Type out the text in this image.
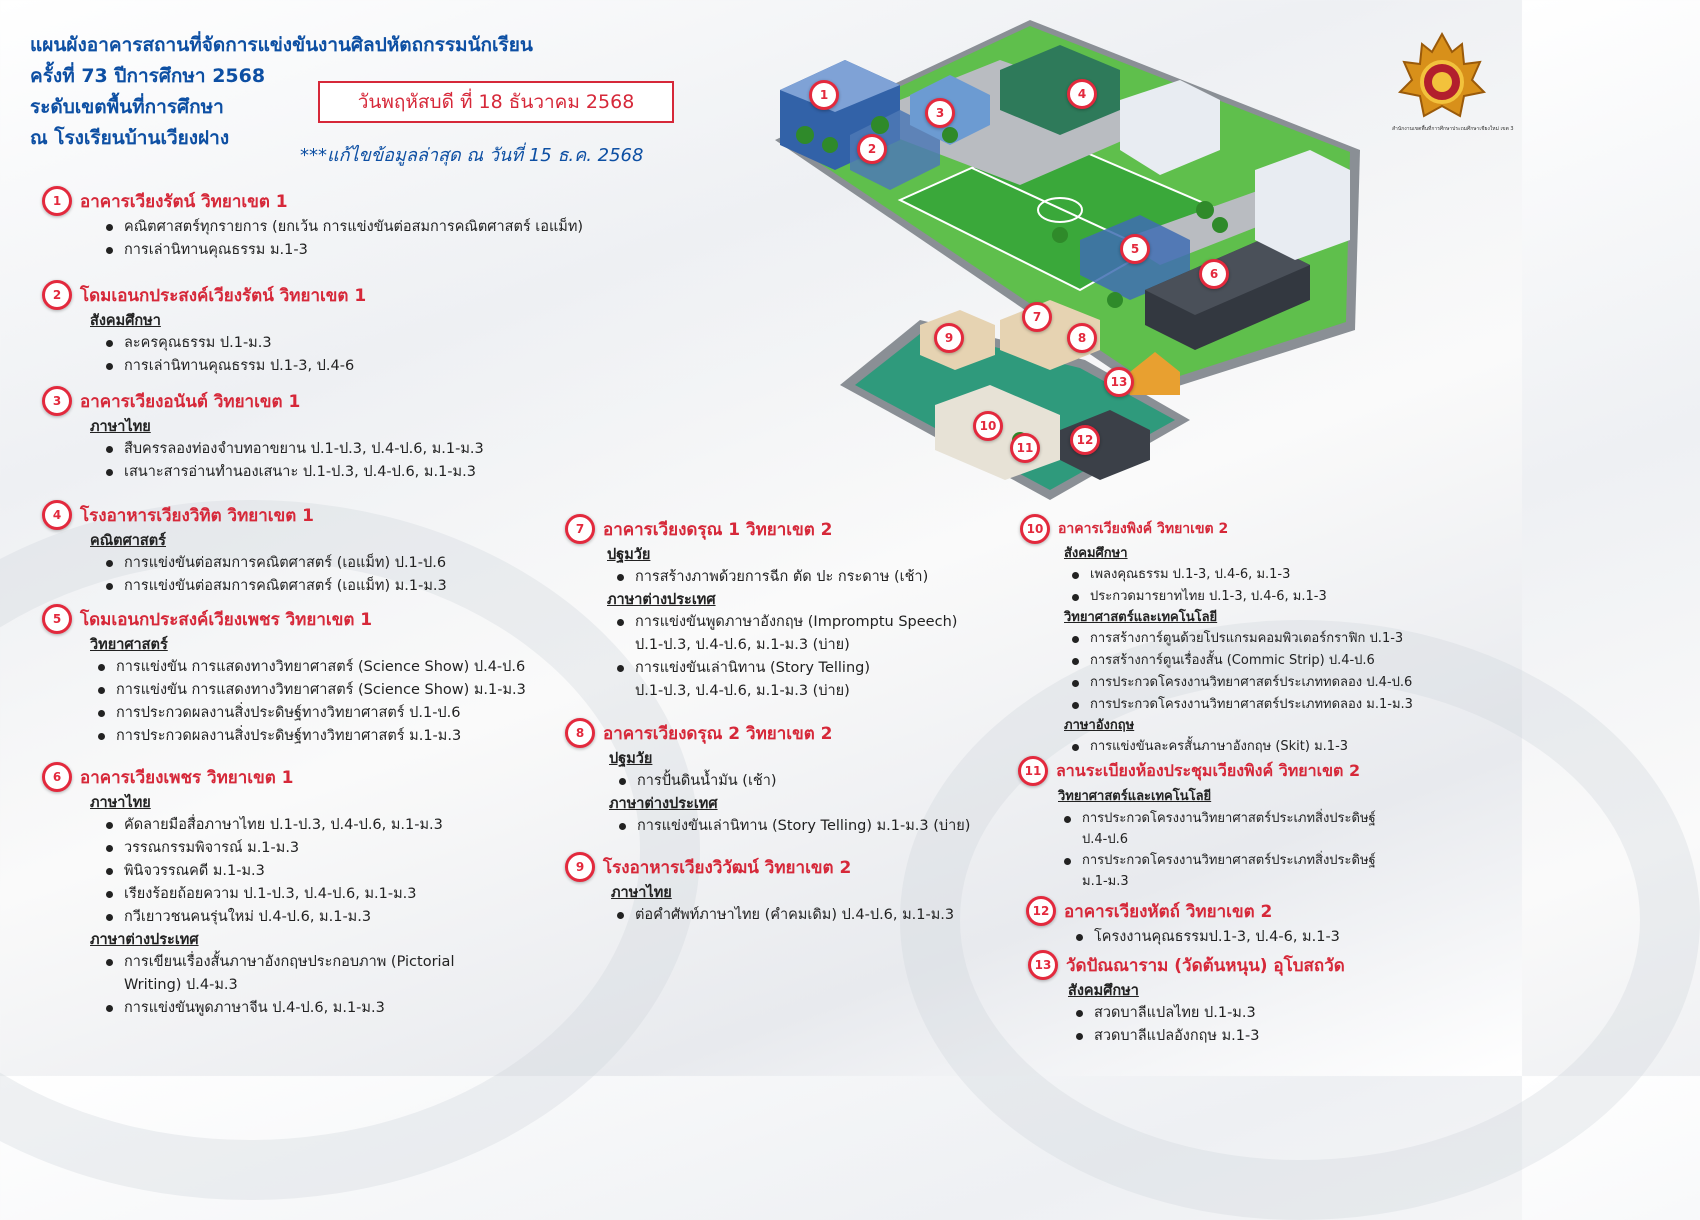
แผนผังอาคารสถานที่จัดการแข่งขันงานศิลปหัตถกรรมนักเรียน
ครั้งที่ 73 ปีการศึกษา 2568
ระดับเขตพื้นที่การศึกษา
ณ โรงเรียนบ้านเวียงฝาง
วันพฤหัสบดี ที่ 18 ธันวาคม 2568
***แก้ไขข้อมูลล่าสุด ณ วันที่ 15 ธ.ค. 2568
สำนักงานเขตพื้นที่การศึกษาประถมศึกษาเชียงใหม่ เขต 3
1
2
3
4
5
6
7
8
9
10
11
12
13
1	อาคารเวียงรัตน์ วิทยาเขต 1
คณิตศาสตร์ทุกรายการ (ยกเว้น การแข่งขันต่อสมการคณิตศาสตร์ เอแม็ท)
การเล่านิทานคุณธรรม ม.1-3
2	โดมเอนกประสงค์เวียงรัตน์ วิทยาเขต 1
สังคมศึกษา
ละครคุณธรรม ป.1-ม.3
การเล่านิทานคุณธรรม ป.1-3, ป.4-6
3	อาคารเวียงอนันต์ วิทยาเขต 1
ภาษาไทย
สืบครรลองท่องจำบทอาขยาน ป.1-ป.3, ป.4-ป.6, ม.1-ม.3
เสนาะสารอ่านทำนองเสนาะ ป.1-ป.3, ป.4-ป.6, ม.1-ม.3
4	โรงอาหารเวียงวิทิต วิทยาเขต 1
คณิตศาสตร์
การแข่งขันต่อสมการคณิตศาสตร์ (เอแม็ท) ป.1-ป.6
การแข่งขันต่อสมการคณิตศาสตร์ (เอแม็ท) ม.1-ม.3
5	โดมเอนกประสงค์เวียงเพชร วิทยาเขต 1
วิทยาศาสตร์
การแข่งขัน การแสดงทางวิทยาศาสตร์ (Science Show) ป.4-ป.6
การแข่งขัน การแสดงทางวิทยาศาสตร์ (Science Show) ม.1-ม.3
การประกวดผลงานสิ่งประดิษฐ์ทางวิทยาศาสตร์ ป.1-ป.6
การประกวดผลงานสิ่งประดิษฐ์ทางวิทยาศาสตร์ ม.1-ม.3
6	อาคารเวียงเพชร วิทยาเขต 1
ภาษาไทย
คัดลายมือสื่อภาษาไทย ป.1-ป.3, ป.4-ป.6, ม.1-ม.3
วรรณกรรมพิจารณ์ ม.1-ม.3
พินิจวรรณคดี ม.1-ม.3
เรียงร้อยถ้อยความ ป.1-ป.3, ป.4-ป.6, ม.1-ม.3
กวีเยาวชนคนรุ่นใหม่ ป.4-ป.6, ม.1-ม.3
ภาษาต่างประเทศ
การเขียนเรื่องสั้นภาษาอังกฤษประกอบภาพ (Pictorial
Writing) ป.4-ม.3
การแข่งขันพูดภาษาจีน ป.4-ป.6, ม.1-ม.3
7	อาคารเวียงดรุณ 1 วิทยาเขต 2
ปฐมวัย
การสร้างภาพด้วยการฉีก ตัด ปะ กระดาษ (เช้า)
ภาษาต่างประเทศ
การแข่งขันพูดภาษาอังกฤษ (Impromptu Speech)
ป.1-ป.3, ป.4-ป.6, ม.1-ม.3 (บ่าย)
การแข่งขันเล่านิทาน (Story Telling)
ป.1-ป.3, ป.4-ป.6, ม.1-ม.3 (บ่าย)
8	อาคารเวียงดรุณ 2 วิทยาเขต 2
ปฐมวัย
การปั้นดินน้ำมัน (เช้า)
ภาษาต่างประเทศ
การแข่งขันเล่านิทาน (Story Telling) ม.1-ม.3 (บ่าย)
9	โรงอาหารเวียงวิวัฒน์ วิทยาเขต 2
ภาษาไทย
ต่อคำศัพท์ภาษาไทย (คำคมเดิม) ป.4-ป.6, ม.1-ม.3
10	อาคารเวียงพิงค์ วิทยาเขต 2
สังคมศึกษา
เพลงคุณธรรม ป.1-3, ป.4-6, ม.1-3
ประกวดมารยาทไทย ป.1-3, ป.4-6, ม.1-3
วิทยาศาสตร์และเทคโนโลยี
การสร้างการ์ตูนด้วยโปรแกรมคอมพิวเตอร์กราฟิก ป.1-3
การสร้างการ์ตูนเรื่องสั้น (Commic Strip) ป.4-ป.6
การประกวดโครงงานวิทยาศาสตร์ประเภททดลอง ป.4-ป.6
การประกวดโครงงานวิทยาศาสตร์ประเภททดลอง ม.1-ม.3
ภาษาอังกฤษ
การแข่งขันละครสั้นภาษาอังกฤษ (Skit) ม.1-3
11 ลานระเบียงห้องประชุมเวียงพิงค์ วิทยาเขต 2
วิทยาศาสตร์และเทคโนโลยี
การประกวดโครงงานวิทยาศาสตร์ประเภทสิ่งประดิษฐ์
ป.4-ป.6
การประกวดโครงงานวิทยาศาสตร์ประเภทสิ่งประดิษฐ์
ม.1-ม.3
12 อาคารเวียงหัตถ์ วิทยาเขต 2
โครงงานคุณธรรมป.1-3, ป.4-6, ม.1-3
13 วัดปัณณาราม (วัดต้นหนุน) อุโบสถวัด
สังคมศึกษา
สวดบาลีแปลไทย ป.1-ม.3
สวดบาลีแปลอังกฤษ ม.1-3
